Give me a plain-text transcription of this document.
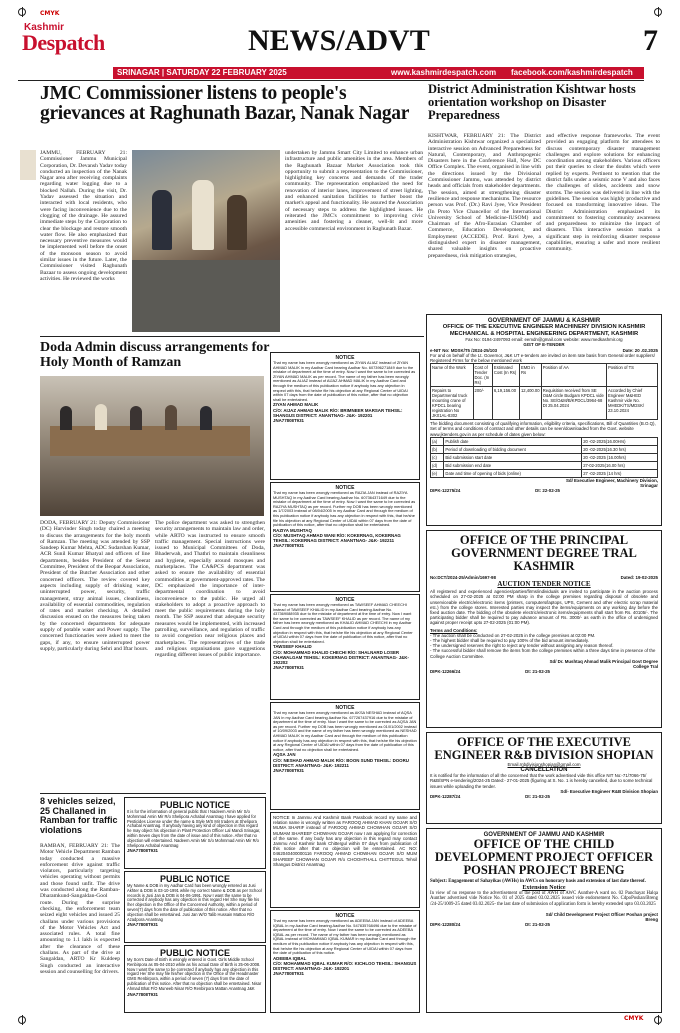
CMYK
CMYK
Kashmir
Despatch	NEWS/ADVT	7
SRINAGAR | SATURDAY 22 FEBRUARY 2025	www.kashmirdespatch.com facebook.com/kashmirdespatch
JMC Commissioner listens to people's grievances at Raghunath Bazar, Nanak Nagar
JAMMU, FEBRUARY 21: Commissioner Jammu Municipal Corporation, Dr. Devansh Yadav today conducted an inspection of the Nanak Nagar area after receiving complaints regarding water logging due to a blocked Nallah. During the visit, Dr. Yadav assessed the situation and interacted with local residents, who were facing inconvenience due to the clogging of the drainage. He assured immediate steps by the Corporation to clear the blockage and restore smooth water flow. He also emphasized that necessary preventive measures would be implemented well before the onset of the monsoon season to avoid similar issues in the future. Later, the Commissioner visited Raghunath Bazaar to assess ongoing development activities. He reviewed the works
undertaken by Jammu Smart City Limited to enhance urban infrastructure and public amenities in the area. Members of the Raghunath Bazaar Market Association took this opportunity to submit a representation to the Commissioner, highlighting key concerns and demands of the trader community. The representation emphasized the need for renovation of interior lanes, improvement of street lighting, and enhanced sanitation facilities to further boost the market's appeal and functionality. He assured the Association of necessary steps to address the highlighted issues. He reiterated the JMC's commitment to improving civic amenities and fostering a cleaner, well-lit and more accessible commercial environment in Raghunath Bazar.
District Administration Kishtwar hosts orientation workshop on Disaster Preparedness
KISHTWAR, FEBRUARY 21: The District Administration Kishtwar organized a specialized interactive session on Advanced Preparedness for Natural, Contemporary, and Anthropogenic Disasters here in the Conference Hall, New DC Office Complex. The event, organised in line with the directions issued by the Divisional Commissioner Jammu, was attended by district heads and officials from stakeholder departments. The session, aimed at strengthening disaster resilience and response mechanisms. The resource person was Prof. (Dr.) Ravi Jyee, Vice President (In Proto Vice Chancellor of the International University School of Medicine-IUSOM) and Chairman of the Afro-Eurasian Chamber of Commerce, Education Development, and Employment (ACCEDE). Prof. Ravi Jyee, a distinguished expert in disaster management, shared valuable insights on proactive preparedness, risk mitigation strategies,
and effective response frameworks. The event provided an engaging platform for attendees to discuss contemporary disaster management challenges and explore solutions for enhancing coordination among stakeholders. Various officers put their queries to clear the doubts which were replied by experts. Pertinent to mention that the district falls under a seismic zone V and also faces the challenges of slides, accidents and snow storms. The session was delivered in line with the guidelines. The session was highly productive and focused on transforming innovative ideas. The District Administration emphasized its commitment to fostering community awareness and preparedness to minimize the impact of disasters. This interactive session marks a significant step in reinforcing disaster response capabilities, ensuring a safer and more resilient community.
GOVERNMENT OF JAMMU & KASHMIR
OFFICE OF THE EXECUTIVE ENGINEER MACHINERY DIVISION KASHMIR MECHANICAL & HOSPITAL ENGINEERING DEPARTMENT, KASHMIR
Fax No: 0194-2497093 email: eemdn@gmail.com website: www.medkashmir.org
GIST OF E-TENDER
e-NIT No: MDSK/T5 /2024-25/103	Date: 20 .02.2025
For and on behalf of the Lt. Governor, J&K UT e-tenders are invited on item rate basis from General order suppliers/ Registered Firms for the below mentioned work
Name of the Work	Cost of Tender Doc. (In Rs)	Estimated Cost (In Rs)	EMD in Rs	Position of AA	Position of TS
Repairs to Departmental truck mounting crane of KPDCL bearing registration No JK01AL-8302	200/-	6,19,156.00	12,400.00	Requisition received from SE O&M circle Budgam KPDCL vide No. SE/O&M/B/KPDCL/3964-68 Dt 25.04.2024	Accorded by Chief Engineer M&HED Kashmir vide No. MHEDK/TS/MDSK/ 23.10.2024
The bidding document consisting of qualifying information, eligibility criteria, specifications, Bill of Quantities (B.O.Q), Set of terms and conditions of contract and other details can be seen/downloaded from the Govt. website www.jktenders.gov.in as per schedule of dates given below:
(a)	Publish date	20 -02-2025(16.00Hrs)
(b)	Period of downloading of bidding document	20 -02-2025(16.30 hrs)
(c)	Bid submission start date	20 -02-2025 (16.00hrs)
(d)	Bid submission end date	27-02-2025(16.00 hrs)
(e)	Date and time of opening of bids (online)	27 -02-2025 (14 hrs)
Sd/ Executive Engineer, Machinery Division, Srinagar
DIPK-12275/24	Dt: 22-02-25
Doda Admin discuss arrangements for Holy Month of Ramzan
DODA, FEBRUARY 21: Deputy Commissioner (DC) Harvinder Singh today chaired a meeting to discuss the arrangements for the holy month of Ramzan. The meeting was attended by SSP Sandeep Kumar Mehta, ADC Sudarshan Kumar, ACR Sunil Kumar Bhatyal and officers of line departments, besides President of the Seerat Committee, President of the Beopar Association, President of the Butcher Association and other concerned officers. The review covered key aspects including supply of drinking water, uninterrupted power, security, traffic management, stray animal issues, cleanliness, availability of essential commodities, regulation of rates and market checking. A detailed discussion ensued on the measures being taken by the concerned departments for adequate supply of potable water and Power supply. The concerned functionaries were asked to meet the gaps, if any, to ensure uninterrupted power supply, particularly during Sehri and Iftar hours.
The police department was asked to strengthen security arrangements to maintain law and order, while ARTO was instructed to ensure smooth traffic management. Special instructions were issued to Municipal Committees of Doda, Bhaderwah, and Thathri to maintain cleanliness and hygiene, especially around mosques and marketplaces. The CA&PCS department was asked to ensure the availability of essential commodities at government-approved rates. The DC emphasized the importance of inter-departmental coordination to avoid inconvenience to the public. He urged all stakeholders to adopt a proactive approach to meet the public requirements during the holy month. The SSP assured that adequate security measures would be implemented, with increased patrolling, surveillance, and regulation of traffic to avoid congestion near religious places and marketplaces. The representatives of the trade and religious organisations gave suggestions regarding different issues of public importance.
NOTICE
That my name has been wrongly mentioned as ZIYAN ALIAZ instead of ZIYAN AHMAD MALIK in my Aadhar Card bearing Aadhar No. 607396271849 due to the mistake of department at the time of entry. Now I want the same to be corrected as ZIYAN AHMAD MALIK as per record. The name of my father has been wrongly mentioned as ALIAZ instead of AIJAZ AHMAD MALIK in my Aadhar Card and through the medium of this publication notice if anybody has any objection in respect with this, that he/she file his objection at any Regional Center of UIDAI within 07 days from the date of publication of this notice, after that no objection shall be entertained.
ZIYAN AHMAD MALIK
C/O: AIJAZ AHMAD MALIK R/O: BRIMNEER MARSAR TEHSIL: SHANGUS DISTRICT: ANANTNAG- J&K- 192201
JNA77808T931
NOTICE
That my name has been wrongly mentioned as RAZIA JAN instead of RAZIYA MUSHTAQ in my Aadhar Card bearing Aadhar No. 607364371649 due to the mistake of department at the time of entry. Now I want the same to be corrected as RAZIYA MUSHTAQ as per record. Further my DOB has been wrongly mentioned as 1/7/2003 instead of 08/04/2005 in my Aadhar Card and through the medium of this publication notice if anybody has any objection in respect with this, that he/she file his objection at any Regional Center of UIDAI within 07 days from the date of publication of this notice, after that no objection shall be entertained.
RAZIYA MUSHTAQ
C/O: MUSHTAQ AHMAD WANI R/O: KOKERNAG, KOKERNAG TEHSIL: KOKERNAG DISTRICT: ANANTNAG- J&K- 192211
JNA77808T931
NOTICE
That my name has been wrongly mentioned as TAWSEEF AHMAD CHEECHI instead of TAWSEEF KHALID in my Aadhar Card bearing Aadhar No. 437369088935 due to the mistake of department at the time of entry. Now I want the same to be corrected as TAWSEEF KHALID as per record. The name of my father has been wrongly mentioned as KHALID AHMAD CHEECHI in my Aadhar Card and through the medium of this publication notice if anybody has any objection in respect with this, that he/she file his objection at any Regional Center of UIDAI within 07 days from the date of publication of this notice, after that no objection shall be entertained.
TAWSEEF KHALID
C/O: MOHAMMAD KHALID CHECHI R/O: SHALNARD LOSER CHAWALGAM TEHSIL: KOKERNAG DISTRICT: ANANTNAG- J&K- 192202
JNA77808T931
NOTICE
That my name has been wrongly mentioned as AKSA NESHAD instead of AQSA JAN in my Aadhar Card bearing Aadhar No. 677267437916 due to the mistake of department at the time of entry. Now I want the same to be corrected as AQSA JAN as per record. Further my DOB has been wrongly mentioned as 01/01/2002 instead of 10/09/2003 and the name of my father has been wrongly mentioned as NESHAD AHMAD MALIK in my Aadhar Card and through the medium of this publication notice if anybody has any objection in respect with this, that he/she file his objection at any Regional Center of UIDAI within 07 days from the date of publication of this notice, after that no objection shall be entertained.
AQSA JAN
C/O: NESHAD AHMAD MALIK R/O: BOON SUND TEHSIL: DOORU DISTRICT: ANANTNAG- J&K- 192211
JNA77808T931
NOTICE In Jammu And Kashmir Bank Passbook record my name and relation name is wrongly written as FAROOQ AHMAD KHAN GOJAR S/O MUMA SHARIF instead of FAROOQ AHMAD CHOWHAN GOJAR S/O MUMAM SHAREEF CHOWHAN GOJAR now I am applying for correction of the same. If any body has any objection in this regard may contact Jammu And Kashmir bank Chittergul within 07 days from publication of this notice after that no objection will be entertained. AC NO: 0462040400000116 FAROOQ AHMAD CHOWHAN GOJAR S/O MUM SHAREEF CHOWHAN GOJAR R/o CHOOHTHALL CHITTEGUL Tehsil Shangus District Anantnag
NOTICE
That my name has been wrongly mentioned as ADEEBA JAN instead of ADEEBA IQBAL in my Aadhar Card bearing Aadhar No. 547835768496 due to the mistake of department at the time of entry. Now I want the same to be corrected as ADEEBA IQBAL as per record. The name of my father has been wrongly mentioned as IQBAL instead of MOHAMMAD IQBAL KUMAR in my Aadhar Card and through the medium of this publication notice if anybody has any objection in respect with this, that he/she file his objection at any Regional Center of UIDAI within 07 days from the date of publication of this notice.
ADEEBA IQBAL
C/O: MOHAMMAD IQBAL KUMAR R/O: KICHLOO TEHSIL: SHANGUS DISTRICT: ANANTNAG- J&K- 192201
JNA77808T931
8 vehicles seized, 25 Challaned in Ramban for traffic violations
RAMBAN, FEBRUARY 21: The Motor Vehicle Department Ramban today conducted a massive enforcement drive against traffic violators, particularly targeting vehicles operating without permits and those found unfit. The drive was conducted along the Ramban-Dharamkund-Sangaldan-Gool route. During the surprise checking, the enforcement team seized eight vehicles and issued 25 challans under various provisions of the Motor Vehicles Act and associated rules. A total fine amounting to 1.1 lakh is expected after the clearance of these challans. As part of the drive at Sangaldan, ARTO Kr Kuldeep Singh conducted an interactive session and counselling for drivers.
PUBLIC NOTICE
It is for the information of general public that I Nadeem Amin Mir S/o Mohmmad Amin Mir R/o Shelipora Achabal Anantnag I have applied for Pesticides License under the name & Style M/S Mir traders at Shelipora Achabal Anantnag. If anybody having any kind of objection in this regard he may object his objection in Plant Protection Officer Lal Mandi Srinagar, within Seven days from the date of issue and of this notice. After that no objection will entertained. Nadeem Amin Mir S/o Mohmmad Amin Mir R/o Shelipora Achabal Anantnag
JNA77808T931
PUBLIC NOTICE
My Name & DOB in my Aadhar Card has been wrongly entered as Jusi Akhter & DOB is 03-10-1991 while my correct Name & DOB as per School records is Jusi Jan & DOB is 04-06-1991. Now I want the same to be corrected if anybody has any objection in this regard He/ She may file his /her objection in the Office of the Concerned Authority, within a period of seven(7) days from the date of publication of this notice. After that no objection shall be entertained. Jusi Jan W/O Talib Hussain Mattoo R/O Azadpora Anantnag
JNA77808T931
PUBLIC NOTICE
My Son's Date of Birth is wrongly entered in Govt. Girls Middle School Renbirpora as 05-04-2010 while as his actual Date of Birth is 25-06-2008. Now I want the same to be corrected if anybody has any objection in this regard He/ She may file his/her objection in the Office of the Headmaster GMS Renbirpora, within a period of seven (7) days from the date of publication of this notice. After that no objection shall be entertained. Nisar Ahmad Bhat F/O Muneeb Nisar R/O Renbirpora Mattan Anantnag J&K
JNA77808T931
OFFICE OF THE PRINCIPAL GOVERNMENT DEGREE TRAL KASHMIR
No:DCT/2024-25/Admin/1697-98	Dated: 19-02-2025
AUCTION TENDER NOTICE
All registered and experienced agencies/parties/firms/individuals are invited to participate in the auction process scheduled on 27-02-2025 at 02:00 PM sharp in the college premises regarding disposal of obsolete and unserviceable electric/electronic items (printers, computers/laptops, UPS, Cement and other electric scrap material etc.) from the college stores. Interested parties may inspect the items/equipments on any working day before the fixed auction date. The bidding of the obsolete electric/electronic items/equipments shall start from Rs. 40105/-. The participating bidder shall be required to pay advance amount of Rs. 3000/- as earth in the office of undersigned against proper receipt upto 27-02-2025 (01:00 PM).
Terms and Conditions:
- The auction shall be conducted on 27-02-2025 in the college premises at 02:00 PM.
- The highest bidder shall be required to pay 100% of the bid amount immediately.
- The undersigned reserves the right to reject any tender without assigning any reason thereof.
- The successful bidder shall remove the items from the college premises within a three days time in presence of the College Auction Committee.
Sd/ Dr. Mushtaq Ahmad Malik Principal Govt Degree College Tral
DIPK-12266/24	Dt: 21-02-25
OFFICE OF THE EXECUTIVE ENGINEER R&B DIVISION SHOPIAN
Email.rnbdivisionshopian@gmail.com
CANCELLATION
It is notified for the information of all the concerned that the work advertised vide this office NIT No:-71/7066-75/ R&B/SPN e-tendering/2024-25 Dated:- 27-01-2025 (figuring at S. No. 1 is hereby cancelled, due to some technical issues while uploading the tender.
Sd/- Executive Engineer R&B Division Shopian
DIPK-12287/24	Dt: 21-02-25
GOVERNMENT OF JAMMU AND KASHMIR
OFFICE OF THE CHILD DEVELOPMENT PROJECT OFFICER POSHAN PROJECT BRENG
Subject: Engagement of Sahayikas (AWHs) in AWCs on honorary basis and extension of last date thereof.
Extension Notice
In view of no response to the advertisement of the post of AWH of AWC Aunther-A ward no. 02 Panchayat Halqa Aunther advertised vide Notice No. 01 of 2025 dated 03.02.2025 issued vide endorsement No. CdpoPoshan/Breng /24-25/1009-25 dated 03.02.2025- the last date of submission of application form is hereby extended upto 03.03.2025
Sd/ Child Development Project Officer Poshan project Breng
DIPK-12280/24	Dt: 21-02-25
